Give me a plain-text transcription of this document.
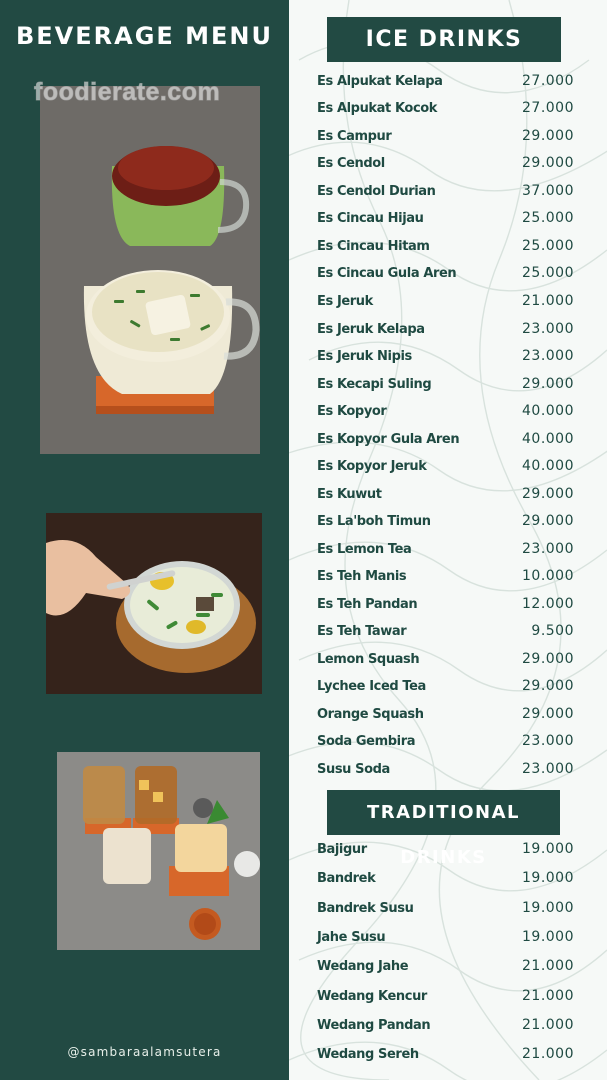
BEVERAGE MENU
@sambaraalamsutera
foodierate.com
ICE DRINKS
Es Alpukat Kelapa	27.000
Es Alpukat Kocok	27.000
Es Campur	29.000
Es Cendol	29.000
Es Cendol Durian	37.000
Es Cincau Hijau	25.000
Es Cincau Hitam	25.000
Es Cincau Gula Aren	25.000
Es Jeruk	21.000
Es Jeruk Kelapa	23.000
Es Jeruk Nipis	23.000
Es Kecapi Suling	29.000
Es Kopyor	40.000
Es Kopyor Gula Aren	40.000
Es Kopyor Jeruk	40.000
Es Kuwut	29.000
Es La'boh Timun	29.000
Es Lemon Tea	23.000
Es Teh Manis	10.000
Es Teh Pandan	12.000
Es Teh Tawar	9.500
Lemon Squash	29.000
Lychee Iced Tea	29.000
Orange Squash	29.000
Soda Gembira	23.000
Susu Soda	23.000
TRADITIONAL DRINKS
Bajigur	19.000
Bandrek	19.000
Bandrek Susu	19.000
Jahe Susu	19.000
Wedang Jahe	21.000
Wedang Kencur	21.000
Wedang Pandan	21.000
Wedang Sereh	21.000
